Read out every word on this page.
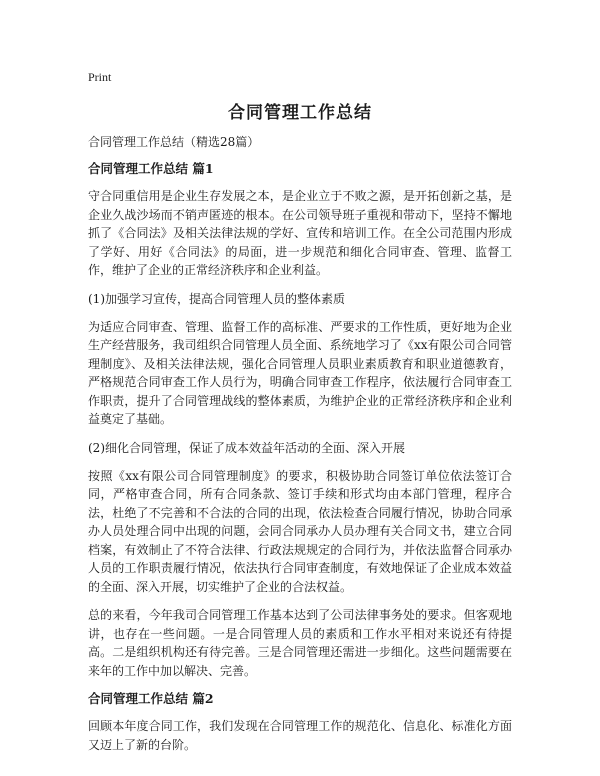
Print
合同管理工作总结
合同管理工作总结（精选28篇）
合同管理工作总结 篇1

守合同重信用是企业生存发展之本，是企业立于不败之源，是开拓创新之基，是企业久战沙场而不销声匿迹的根本。在公司领导班子重视和带动下，坚持不懈地抓了《合同法》及相关法律法规的学好、宣传和培训工作。在全公司范围内形成了学好、用好《合同法》的局面，进一步规范和细化合同审查、管理、监督工作，维护了企业的正常经济秩序和企业利益。

(1)加强学习宣传，提高合同管理人员的整体素质

为适应合同审查、管理、监督工作的高标准、严要求的工作性质，更好地为企业生产经营服务，我司组织合同管理人员全面、系统地学习了《xx有限公司合同管理制度》、及相关法律法规，强化合同管理人员职业素质教育和职业道德教育，严格规范合同审查工作人员行为，明确合同审查工作程序，依法履行合同审查工作职责，提升了合同管理战线的整体素质，为维护企业的正常经济秩序和企业利益奠定了基础。

(2)细化合同管理，保证了成本效益年活动的全面、深入开展

按照《xx有限公司合同管理制度》的要求，积极协助合同签订单位依法签订合同，严格审查合同，所有合同条款、签订手续和形式均由本部门管理，程序合法，杜绝了不完善和不合法的合同的出现，依法检查合同履行情况，协助合同承办人员处理合同中出现的问题，会同合同承办人员办理有关合同文书，建立合同档案，有效制止了不符合法律、行政法规规定的合同行为，并依法监督合同承办人员的工作职责履行情况，依法执行合同审查制度，有效地保证了企业成本效益的全面、深入开展，切实维护了企业的合法权益。

总的来看，今年我司合同管理工作基本达到了公司法律事务处的要求。但客观地讲，也存在一些问题。一是合同管理人员的素质和工作水平相对来说还有待提高。二是组织机构还有待完善。三是合同管理还需进一步细化。这些问题需要在来年的工作中加以解决、完善。

合同管理工作总结 篇2

回顾本年度合同工作，我们发现在合同管理工作的规范化、信息化、标准化方面又迈上了新的台阶。
